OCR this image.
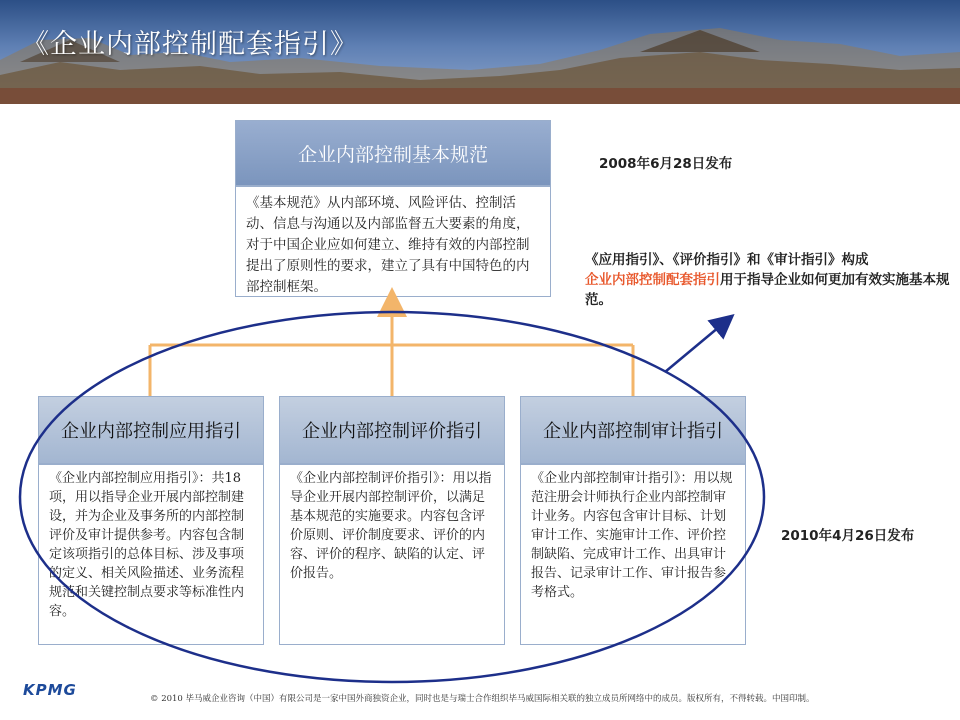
《企业内部控制配套指引》
企业内部控制基本规范
《基本规范》从内部环境、风险评估、控制活动、信息与沟通以及内部监督五大要素的角度，对于中国企业应如何建立、维持有效的内部控制提出了原则性的要求，建立了具有中国特色的内部控制框架。
2008年6月28日发布
《应用指引》、《评价指引》和《审计指引》构成
企业内部控制配套指引用于指导企业如何更加有效实施基本规范。
2010年4月26日发布
企业内部控制应用指引
《企业内部控制应用指引》：共18项，用以指导企业开展内部控制建设，并为企业及事务所的内部控制评价及审计提供参考。内容包含制定该项指引的总体目标、涉及事项的定义、相关风险描述、业务流程规范和关键控制点要求等标准性内容。
企业内部控制评价指引
《企业内部控制评价指引》：用以指导企业开展内部控制评价，以满足基本规范的实施要求。内容包含评价原则、评价制度要求、评价的内容、评价的程序、缺陷的认定、评价报告。
企业内部控制审计指引
《企业内部控制审计指引》：用以规范注册会计师执行企业内部控制审计业务。内容包含审计目标、计划审计工作、实施审计工作、评价控制缺陷、完成审计工作、出具审计报告、记录审计工作、审计报告参考格式。
KPMG	© 2010 毕马威企业咨询（中国）有限公司是一家中国外商独资企业，同时也是与瑞士合作组织毕马威国际相关联的独立成员所网络中的成员。版权所有，不得转载。中国印制。
